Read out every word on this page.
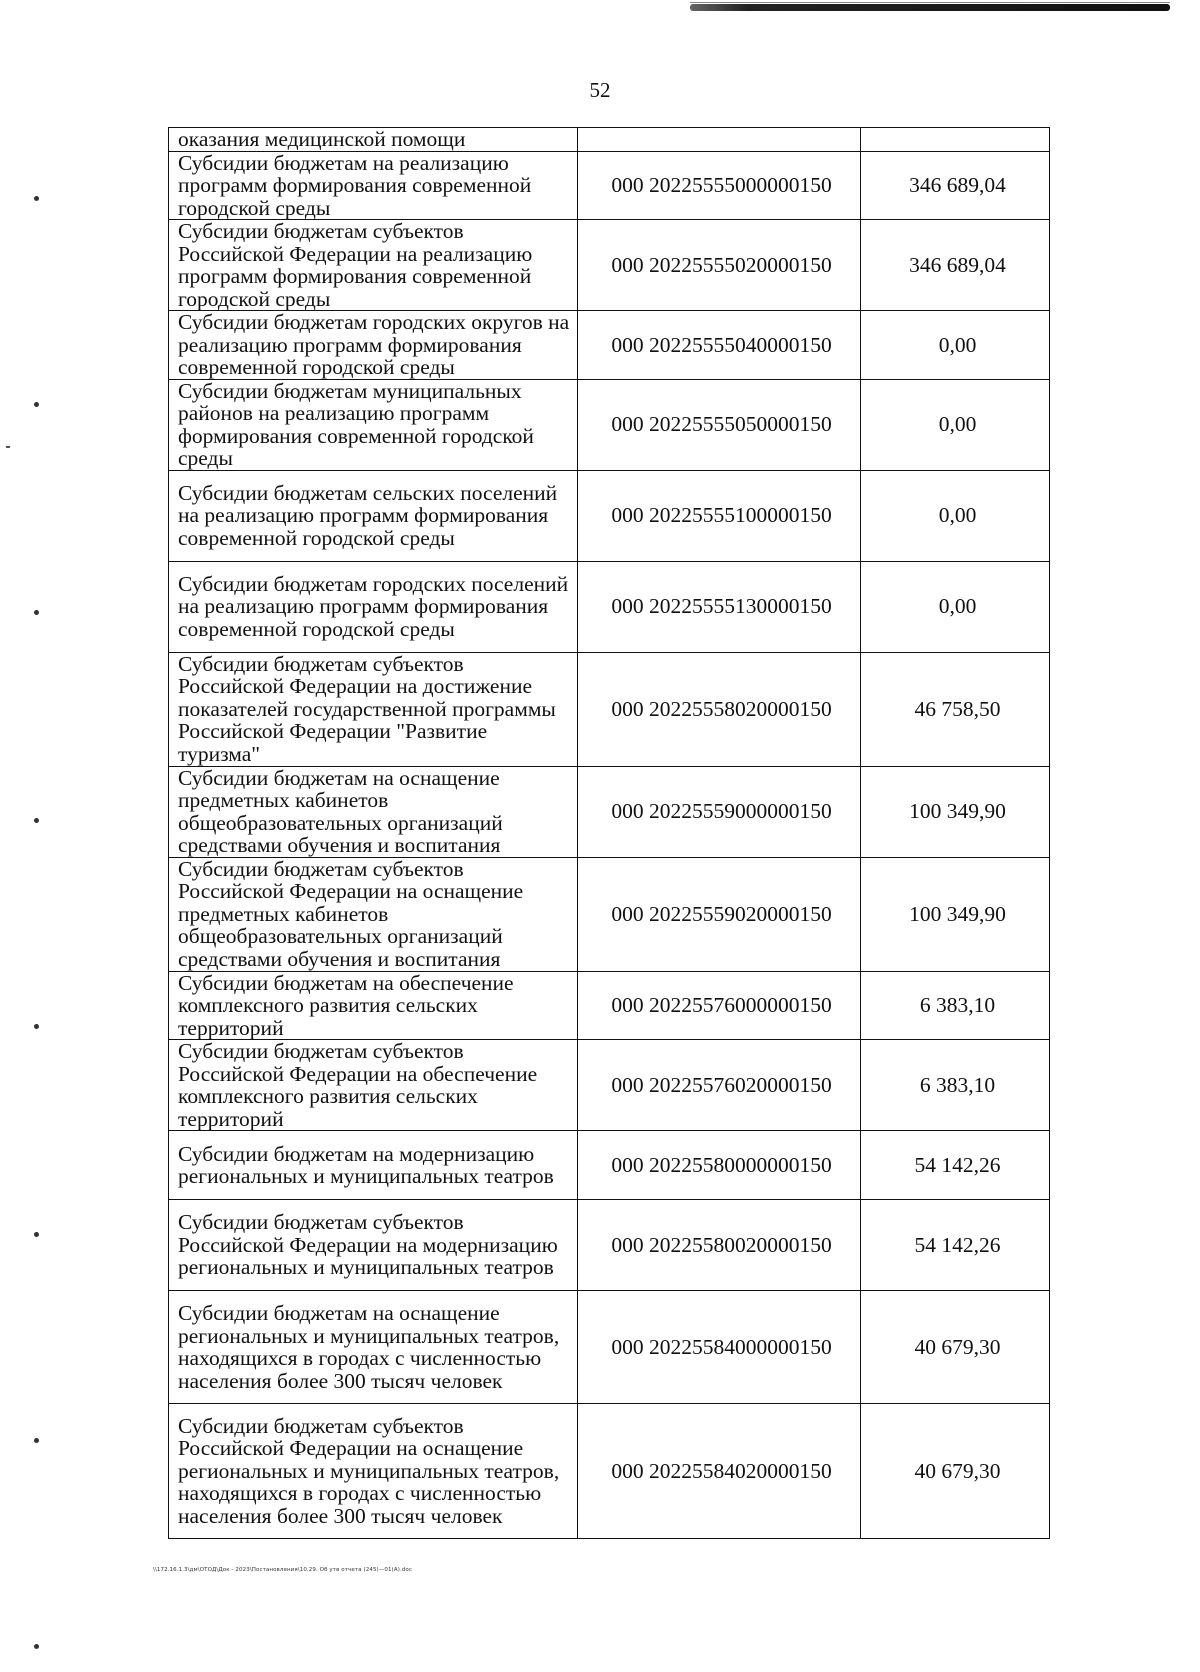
52
оказания медицинской помощи		
Субсидии бюджетам на реализацию программ формирования современной городской среды	000 20225555000000150	346 689,04
Субсидии бюджетам субъектов Российской Федерации на реализацию программ формирования современной городской среды	000 20225555020000150	346 689,04
Субсидии бюджетам городских округов на реализацию программ формирования современной городской среды	000 20225555040000150	0,00
Субсидии бюджетам муниципальных районов на реализацию программ формирования современной городской среды	000 20225555050000150	0,00
Субсидии бюджетам сельских поселений на реализацию программ формирования современной городской среды	000 20225555100000150	0,00
Субсидии бюджетам городских поселений на реализацию программ формирования современной городской среды	000 20225555130000150	0,00
Субсидии бюджетам субъектов Российской Федерации на достижение показателей государственной программы Российской Федерации "Развитие туризма"	000 20225558020000150	46 758,50
Субсидии бюджетам на оснащение предметных кабинетов общеобразовательных организаций средствами обучения и воспитания	000 20225559000000150	100 349,90
Субсидии бюджетам субъектов Российской Федерации на оснащение предметных кабинетов общеобразовательных организаций средствами обучения и воспитания	000 20225559020000150	100 349,90
Субсидии бюджетам на обеспечение комплексного развития сельских территорий	000 20225576000000150	6 383,10
Субсидии бюджетам субъектов Российской Федерации на обеспечение комплексного развития сельских территорий	000 20225576020000150	6 383,10
Субсидии бюджетам на модернизацию региональных и муниципальных театров	000 20225580000000150	54 142,26
Субсидии бюджетам субъектов Российской Федерации на модернизацию региональных и муниципальных театров	000 20225580020000150	54 142,26
Субсидии бюджетам на оснащение региональных и муниципальных театров, находящихся в городах с численностью населения более 300 тысяч человек	000 20225584000000150	40 679,30
Субсидии бюджетам субъектов Российской Федерации на оснащение региональных и муниципальных театров, находящихся в городах с численностью населения более 300 тысяч человек	000 20225584020000150	40 679,30
\\172.16.1.3\дм\ОТОД\Док - 2023\Постановления\10.29. Об утв отчета (245)—01(А).doc
